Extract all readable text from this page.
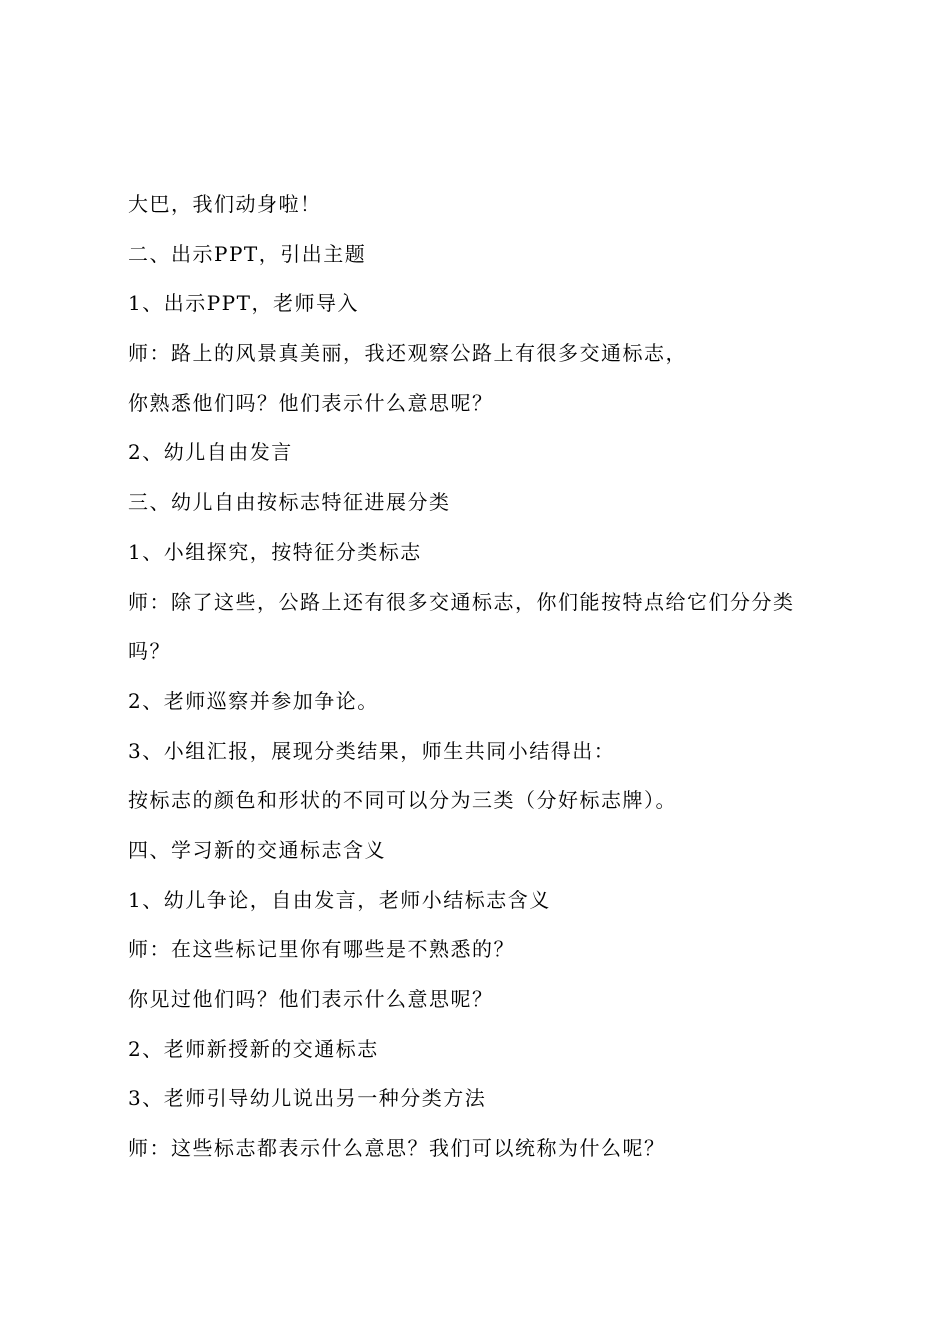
大巴，我们动身啦！
二、出示PPT，引出主题
1、出示PPT，老师导入
师：路上的风景真美丽，我还观察公路上有很多交通标志，
你熟悉他们吗？他们表示什么意思呢？
2、幼儿自由发言
三、幼儿自由按标志特征进展分类
1、小组探究，按特征分类标志
师：除了这些，公路上还有很多交通标志，你们能按特点给它们分分类
吗？
2、老师巡察并参加争论。
3、小组汇报，展现分类结果，师生共同小结得出：
按标志的颜色和形状的不同可以分为三类（分好标志牌）。
四、学习新的交通标志含义
1、幼儿争论，自由发言，老师小结标志含义
师：在这些标记里你有哪些是不熟悉的？
你见过他们吗？他们表示什么意思呢？
2、老师新授新的交通标志
3、老师引导幼儿说出另一种分类方法
师：这些标志都表示什么意思？我们可以统称为什么呢？
